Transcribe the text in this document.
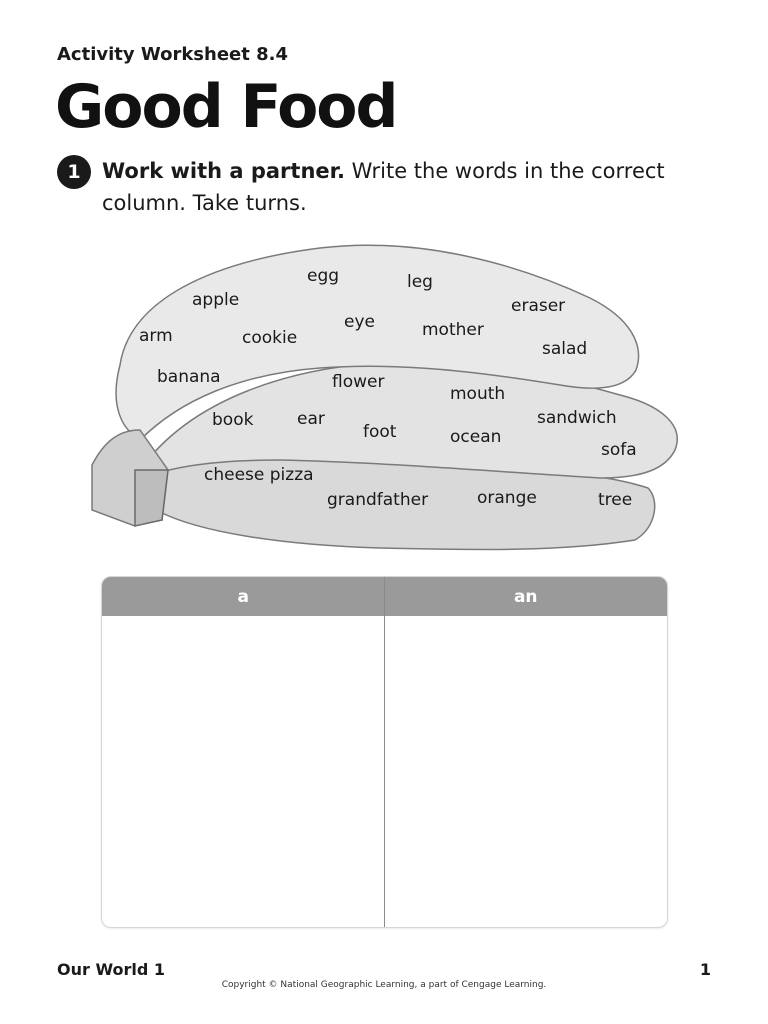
Activity Worksheet 8.4
Good Food
1	Work with a partner. Write the words in the correct column. Take turns.
egg	leg
apple	eraser
arm
eye
cookie	mother
salad
banana	flower
mouth
book	ear	sandwich
foot	ocean
sofa
cheese pizza
grandfather	orange	tree
a	an
Our World 1	1
Copyright © National Geographic Learning, a part of Cengage Learning.
